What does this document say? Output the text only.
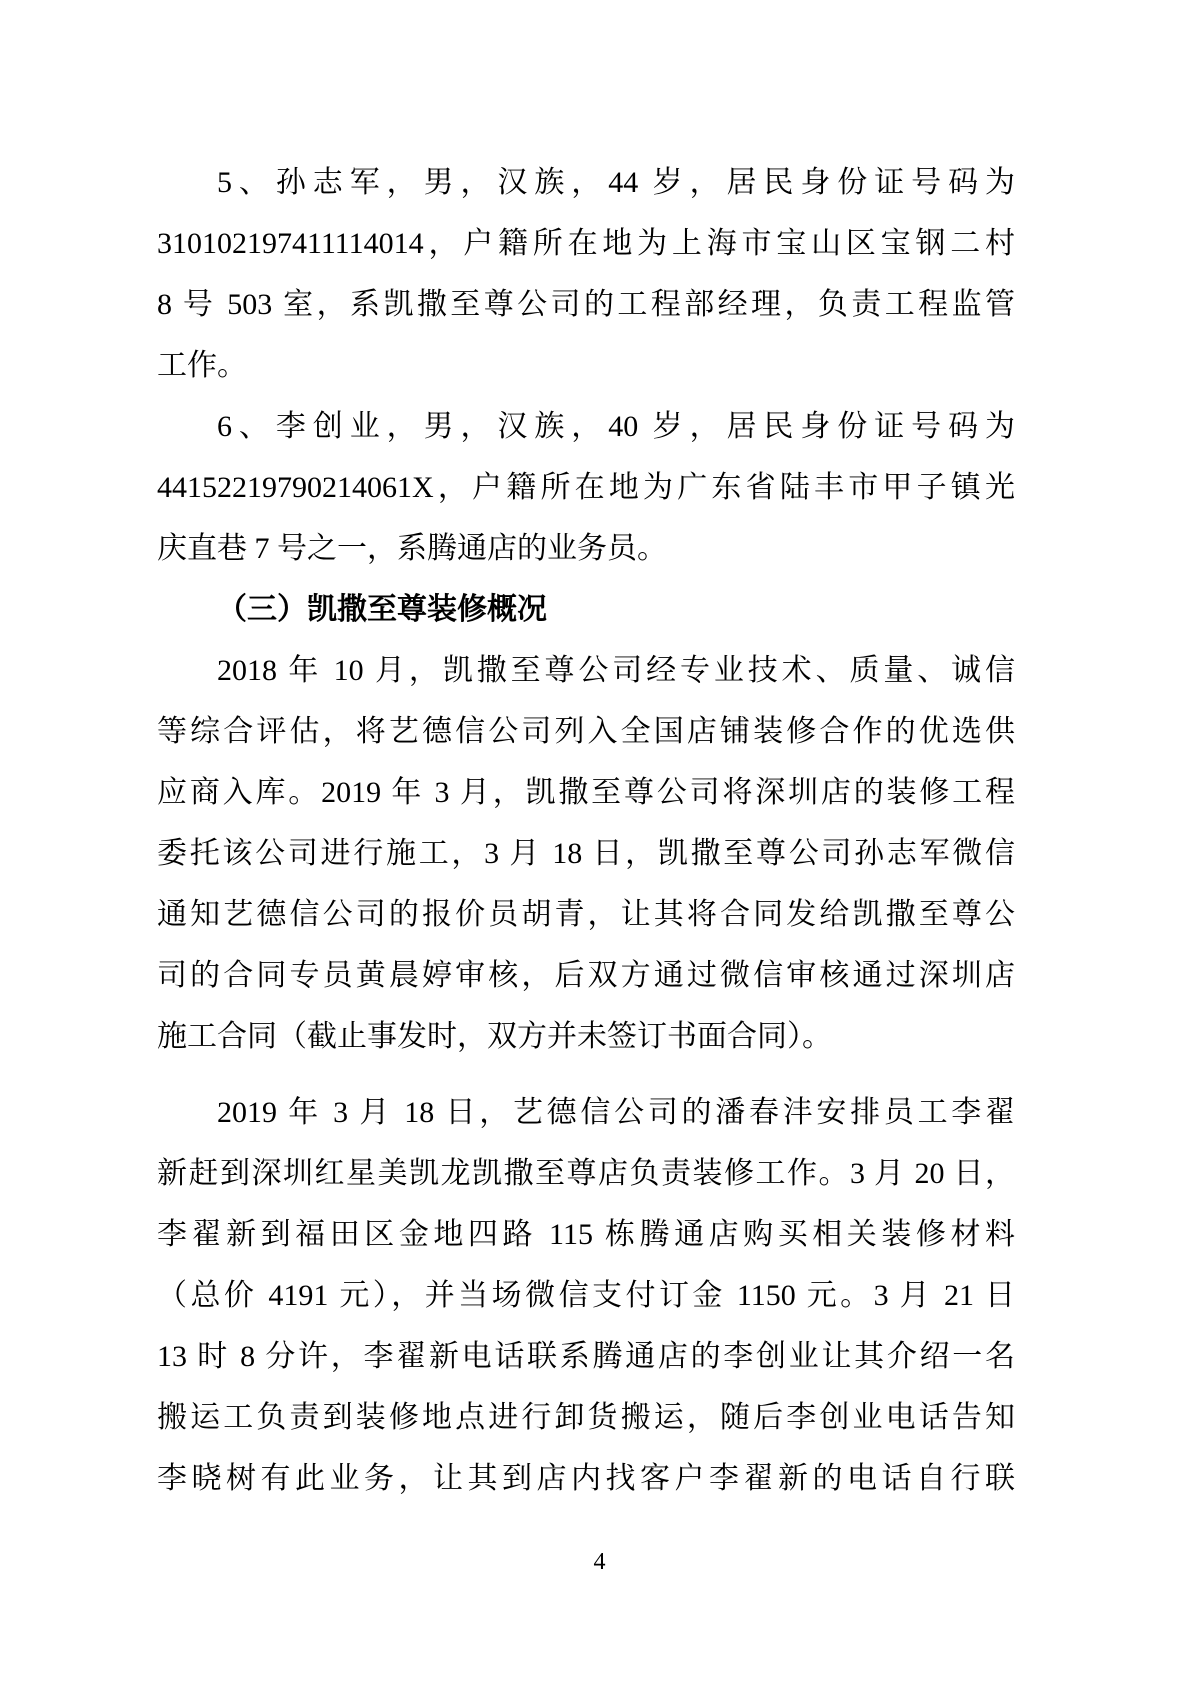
5、孙志军，男，汉族，44 岁，居民身份证号码为
310102197411114014，户籍所在地为上海市宝山区宝钢二村
8 号 503 室，系凯撒至尊公司的工程部经理，负责工程监管
工作。
6、李创业，男，汉族，40 岁，居民身份证号码为
44152219790214061X，户籍所在地为广东省陆丰市甲子镇光
庆直巷 7 号之一，系腾通店的业务员。
（三）凯撒至尊装修概况
2018 年 10 月，凯撒至尊公司经专业技术、质量、诚信
等综合评估，将艺德信公司列入全国店铺装修合作的优选供
应商入库。2019 年 3 月，凯撒至尊公司将深圳店的装修工程
委托该公司进行施工，3 月 18 日，凯撒至尊公司孙志军微信
通知艺德信公司的报价员胡青，让其将合同发给凯撒至尊公
司的合同专员黄晨婷审核，后双方通过微信审核通过深圳店
施工合同（截止事发时，双方并未签订书面合同）。
2019 年 3 月 18 日，艺德信公司的潘春沣安排员工李翟
新赶到深圳红星美凯龙凯撒至尊店负责装修工作。3 月 20 日，
李翟新到福田区金地四路 115 栋腾通店购买相关装修材料
（总价 4191 元），并当场微信支付订金 1150 元。3 月 21 日
13 时 8 分许，李翟新电话联系腾通店的李创业让其介绍一名
搬运工负责到装修地点进行卸货搬运，随后李创业电话告知
李晓树有此业务，让其到店内找客户李翟新的电话自行联
4
